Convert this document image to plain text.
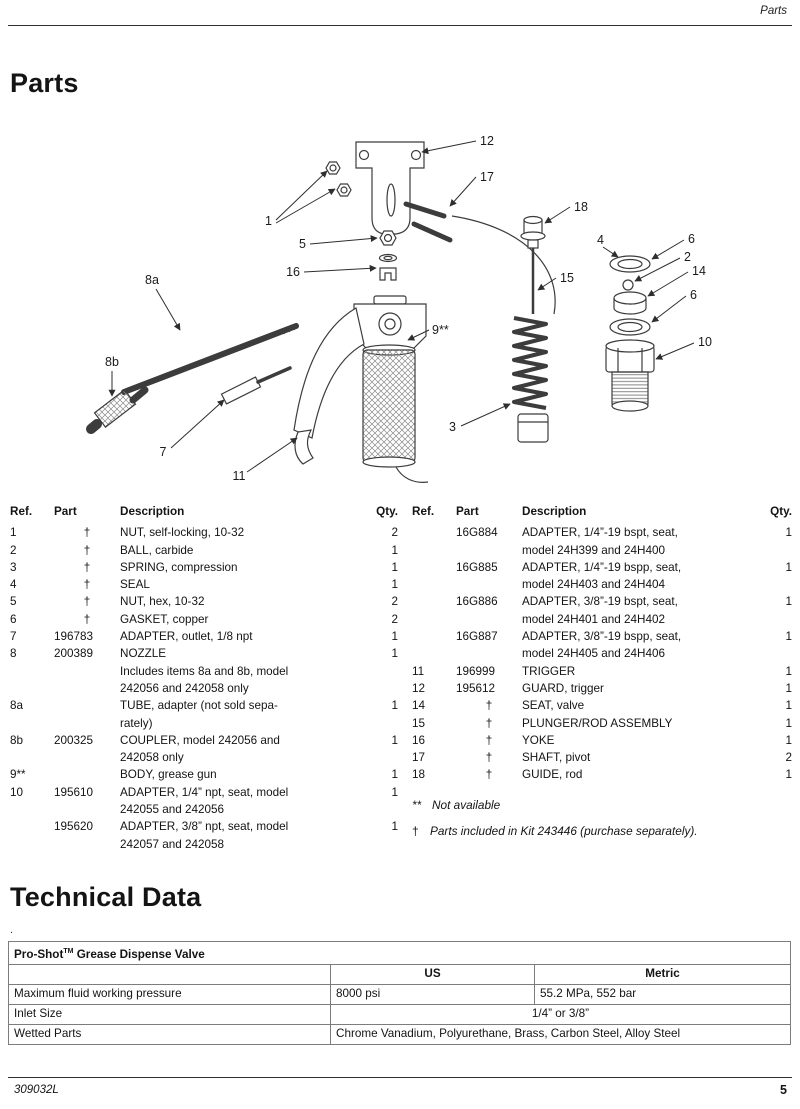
Parts
Parts
12
17
18
4	6
2
14
6
10
15
16
5
1
8a
8b
9**
3
7
11
Ref.	Part	Description	Qty.
1	†	NUT, self-locking, 10-32	2
2	†	BALL, carbide	1
3	†	SPRING, compression	1
4	†	SEAL	1
5	†	NUT, hex, 10-32	2
6	†	GASKET, copper	2
7	196783	ADAPTER, outlet, 1/8 npt	1
8	200389	NOZZLE	1
Includes items 8a and 8b, model
242056 and 242058 only
8a	TUBE, adapter (not sold sepa-	1
rately)
8b	200325	COUPLER, model 242056 and	1
242058 only
9**	BODY, grease gun	1
10	195610	ADAPTER, 1/4” npt, seat, model	1
242055 and 242056
195620	ADAPTER, 3/8” npt, seat, model	1
242057 and 242058
Ref.	Part	Description	Qty.
16G884	ADAPTER, 1/4”-19 bspt, seat,	1
model 24H399 and 24H400
16G885	ADAPTER, 1/4”-19 bspp, seat,	1
model 24H403 and 24H404
16G886	ADAPTER, 3/8”-19 bspt, seat,	1
model 24H401 and 24H402
16G887	ADAPTER, 3/8”-19 bspp, seat,	1
model 24H405 and 24H406
11	196999	TRIGGER	1
12	195612	GUARD, trigger	1
14	†	SEAT, valve	1
15	†	PLUNGER/ROD ASSEMBLY	1
16	†	YOKE	1
17	†	SHAFT, pivot	2
18	†	GUIDE, rod	1
** Not available
† Parts included in Kit 243446 (purchase separately).
Technical Data
.
Pro-Shot™ Grease Dispense Valve		
	US	Metric
Maximum fluid working pressure	8000 psi	55.2 MPa, 552 bar
Inlet Size	1/4” or 3/8”	
Wetted Parts	Chrome Vanadium, Polyurethane, Brass, Carbon Steel, Alloy Steel	
309032L	5
